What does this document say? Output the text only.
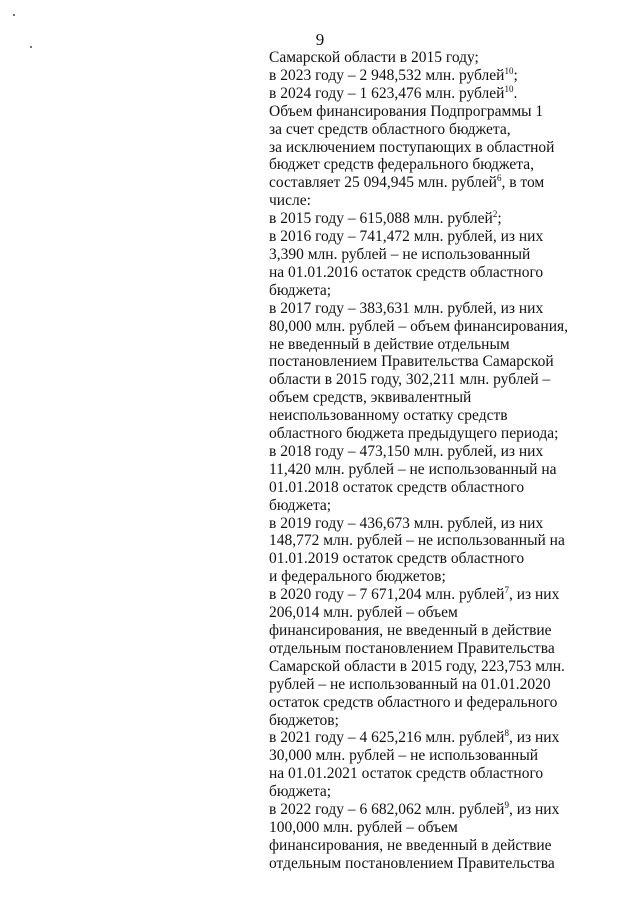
9
Самарской области в 2015 году;
в 2023 году – 2 948,532 млн. рублей$^{10}$;
в 2024 году – 1 623,476 млн. рублей$^{10}$.
Объем финансирования Подпрограммы 1
за счет средств областного бюджета,
за исключением поступающих в областной
бюджет средств федерального бюджета,
составляет 25 094,945 млн. рублей$^6$, в том
числе:
в 2015 году – 615,088 млн. рублей$^2$;
в 2016 году – 741,472 млн. рублей, из них
3,390 млн. рублей – не использованный
на 01.01.2016 остаток средств областного
бюджета;
в 2017 году – 383,631 млн. рублей, из них
80,000 млн. рублей – объем финансирования,
не введенный в действие отдельным
постановлением Правительства Самарской
области в 2015 году, 302,211 млн. рублей –
объем средств, эквивалентный
неиспользованному остатку средств
областного бюджета предыдущего периода;
в 2018 году – 473,150 млн. рублей, из них
11,420 млн. рублей – не использованный на
01.01.2018 остаток средств областного
бюджета;
в 2019 году – 436,673 млн. рублей, из них
148,772 млн. рублей – не использованный на
01.01.2019 остаток средств областного
и федерального бюджетов;
в 2020 году – 7 671,204 млн. рублей$^7$, из них
206,014 млн. рублей – объем
финансирования, не введенный в действие
отдельным постановлением Правительства
Самарской области в 2015 году, 223,753 млн.
рублей – не использованный на 01.01.2020
остаток средств областного и федерального
бюджетов;
в 2021 году – 4 625,216 млн. рублей$^8$, из них
30,000 млн. рублей – не использованный
на 01.01.2021 остаток средств областного
бюджета;
в 2022 году – 6 682,062 млн. рублей$^9$, из них
100,000 млн. рублей – объем
финансирования, не введенный в действие
отдельным постановлением Правительства
